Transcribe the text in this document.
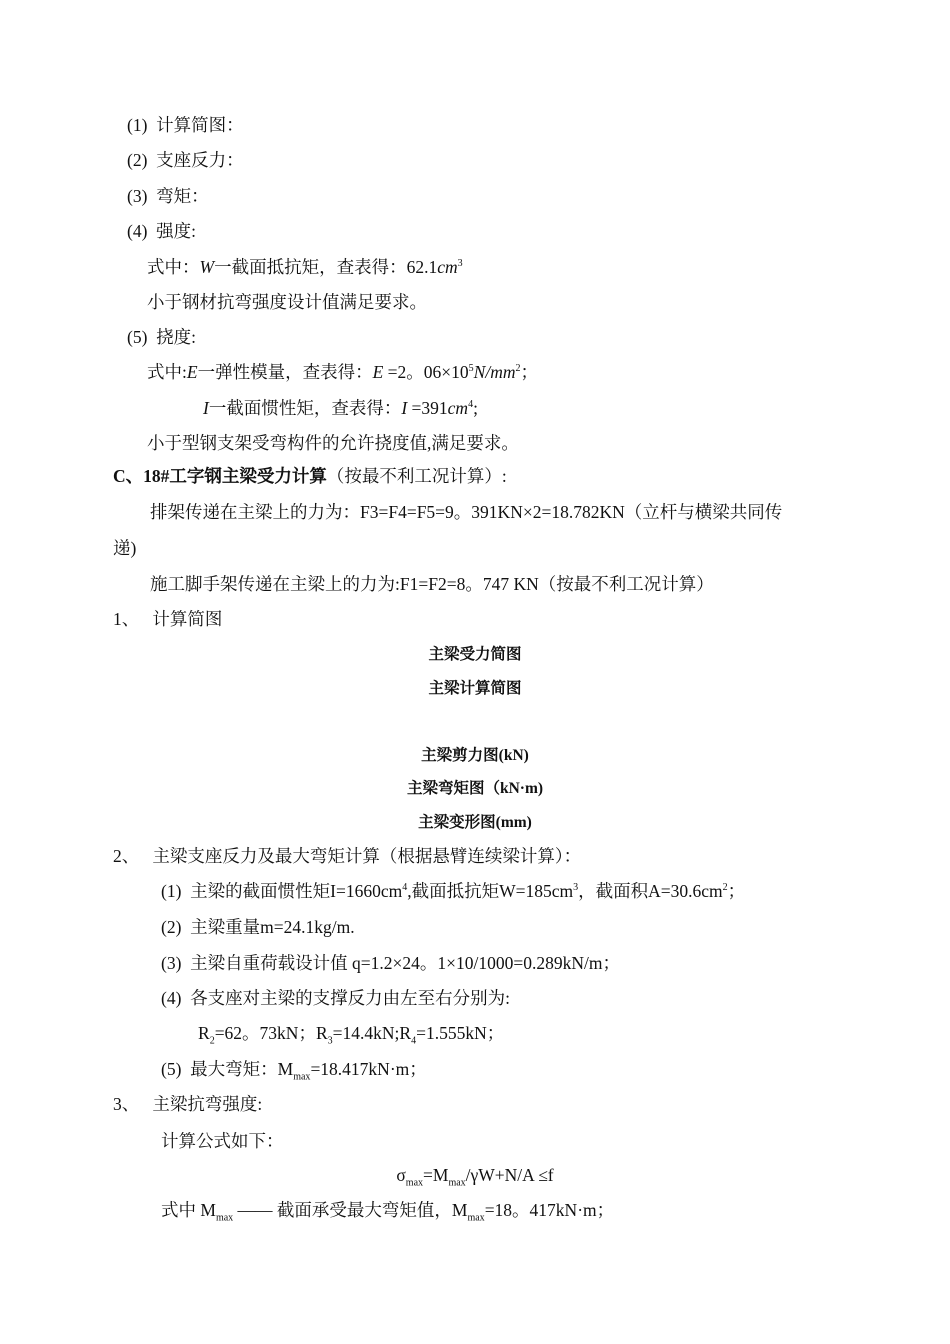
(1) 计算简图：
(2) 支座反力：
(3) 弯矩：
(4) 强度:
式中：W一截面抵抗矩，查表得：$62.1cm^3$
小于钢材抗弯强度设计值满足要求。
(5) 挠度:
式中:E一弹性模量，查表得：E =2。$06\times 10^5N/mm^2$；
I一截面惯性矩，查表得：$I =391cm^4$;
小于型钢支架受弯构件的允许挠度值,满足要求。
C、18#工字钢主梁受力计算（按最不利工况计算）:
排架传递在主梁上的力为：F3=F4=F5=9。391KN×2=18.782KN（立杆与横梁共同传
递)
施工脚手架传递在主梁上的力为:F1=F2=8。747 KN（按最不利工况计算）
1、 计算简图
主梁受力简图
主梁计算简图
主梁剪力图(kN)
主梁弯矩图（kN·m)
主梁变形图(mm)
2、 主梁支座反力及最大弯矩计算（根据悬臂连续梁计算）：
(1) 主梁的截面惯性矩$I=1660cm^4$,截面抵抗矩$W=185cm^3$，截面积$A=30.6cm^2$；
(2) 主梁重量m=24.1kg/m.
(3) 主梁自重荷载设计值 q=1.2×24。1×10/1000=0.289kN/m；
(4) 各支座对主梁的支撑反力由左至右分别为:
$R_2=62$。73kN；$R_3=14.4kN;R_4=1.555kN$；
(5) 最大弯矩：$M_{max}=18.417kN\cdot m$；
3、 主梁抗弯强度:
计算公式如下：
$\sigma_{max}=M_{max}/\gamma W+N/A \le f$
式中 $M_{max}$ —— 截面承受最大弯矩值，$M_{max}=18$。417kN·m；
